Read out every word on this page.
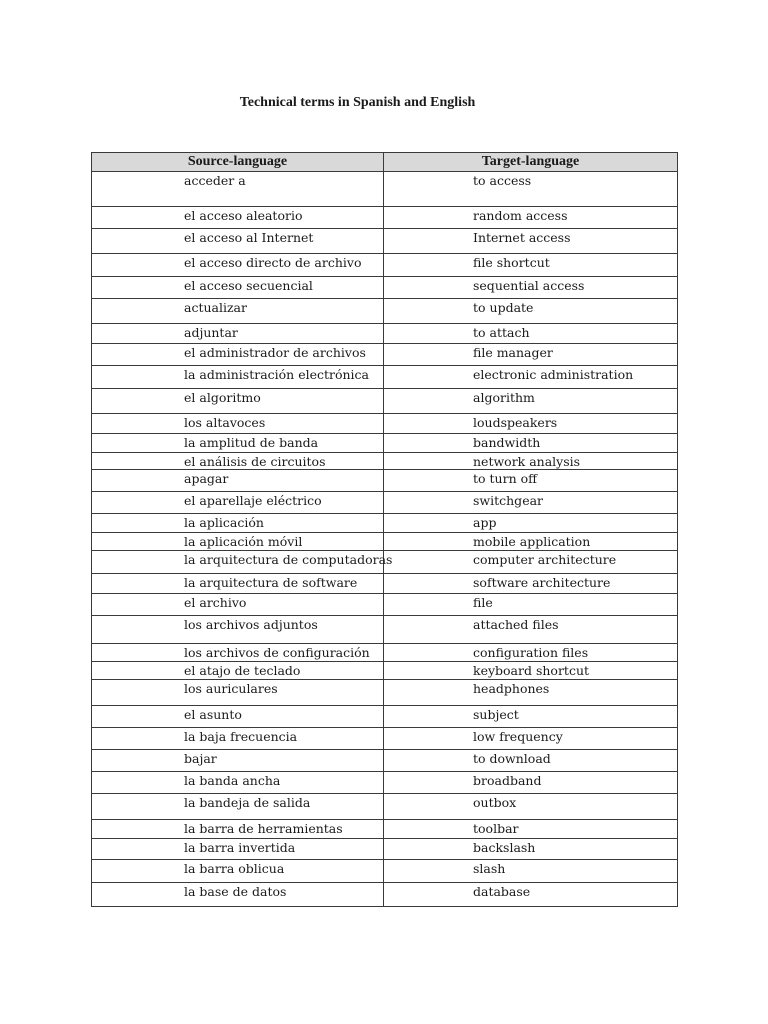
Technical terms in Spanish and English
Source-language	Target-language

acceder a	to access

el acceso aleatorio	random access

el acceso al Internet	Internet access

el acceso directo de archivo	file shortcut

el acceso secuencial	sequential access

actualizar	to update

adjuntar	to attach

el administrador de archivos	file manager

la administración electrónica	electronic administration

el algoritmo	algorithm

los altavoces	loudspeakers

la amplitud de banda	bandwidth

el análisis de circuitos	network analysis

apagar	to turn off

el aparellaje eléctrico	switchgear

la aplicación	app

la aplicación móvil	mobile application

la arquitectura de computadoras	computer architecture

la arquitectura de software	software architecture

el archivo	file

los archivos adjuntos	attached files

los archivos de configuración	configuration files

el atajo de teclado	keyboard shortcut

los auriculares	headphones

el asunto	subject

la baja frecuencia	low frequency

bajar	to download

la banda ancha	broadband

la bandeja de salida	outbox

la barra de herramientas	toolbar

la barra invertida	backslash

la barra oblicua	slash

la base de datos	database
